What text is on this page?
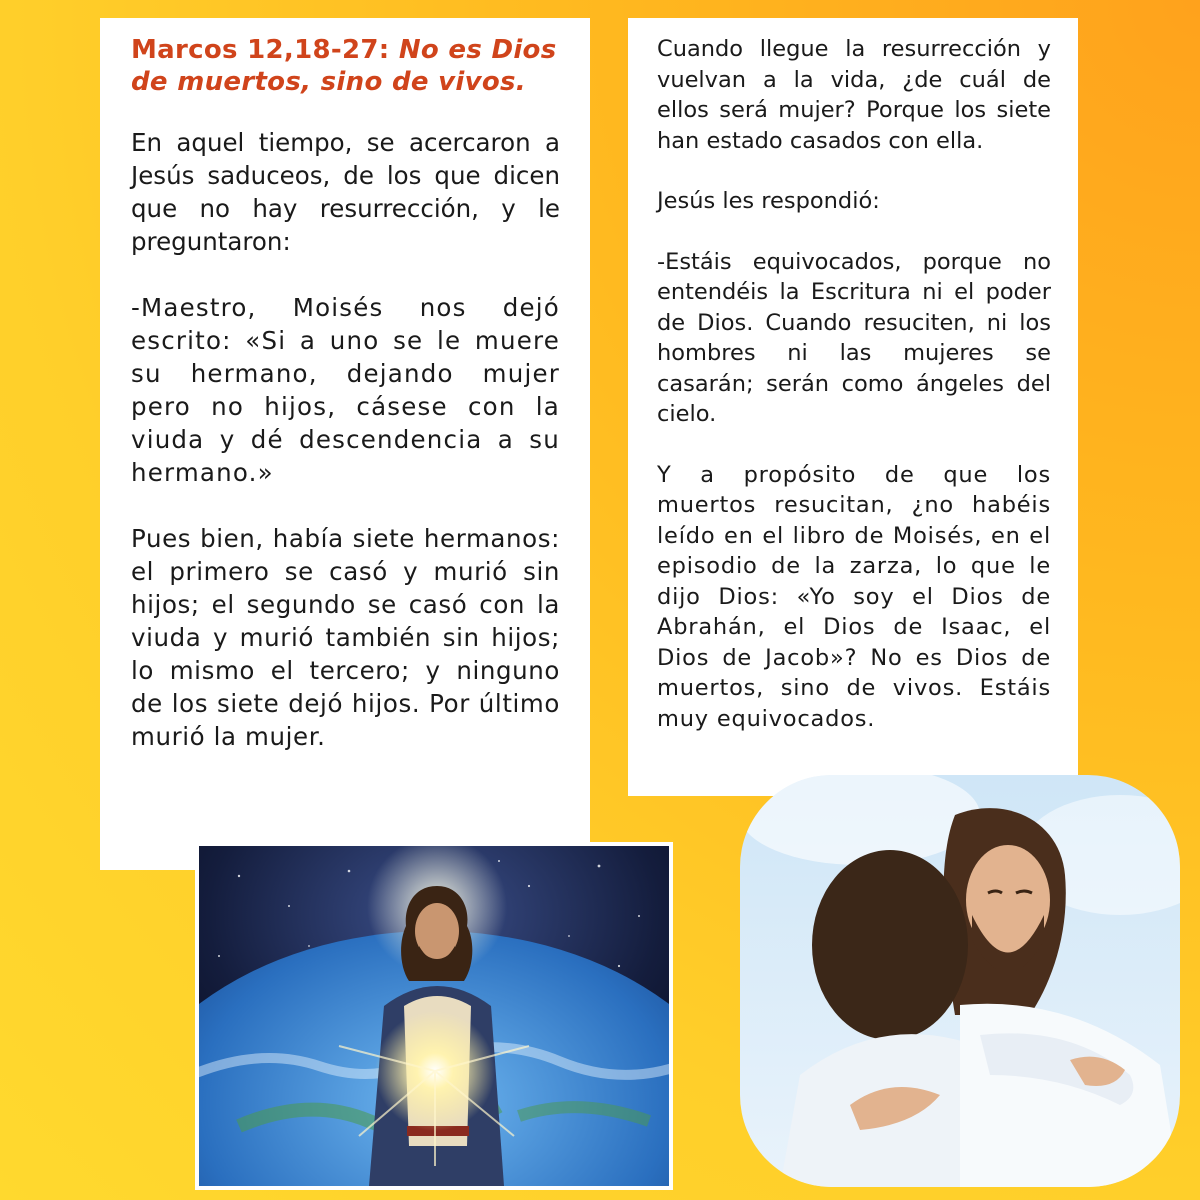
Marcos 12,18-27: No es Dios de muertos, sino de vivos.

En aquel tiempo, se acercaron a Jesús saduceos, de los que dicen que no hay resurrección, y le preguntaron:

-Maestro, Moisés nos dejó escrito: «Si a uno se le muere su hermano, dejando mujer pero no hijos, cásese con la viuda y dé descendencia a su hermano.»

Pues bien, había siete hermanos: el primero se casó y murió sin hijos; el segundo se casó con la viuda y murió también sin hijos; lo mismo el tercero; y ninguno de los siete dejó hijos. Por último murió la mujer.

Cuando llegue la resurrección y vuelvan a la vida, ¿de cuál de ellos será mujer? Porque los siete han estado casados con ella.

Jesús les respondió:

-Estáis equivocados, porque no entendéis la Escritura ni el poder de Dios. Cuando resuciten, ni los hombres ni las mujeres se casarán; serán como ángeles del cielo.

Y a propósito de que los muertos resucitan, ¿no habéis leído en el libro de Moisés, en el episodio de la zarza, lo que le dijo Dios: «Yo soy el Dios de Abrahán, el Dios de Isaac, el Dios de Jacob»? No es Dios de muertos, sino de vivos. Estáis muy equivocados.
